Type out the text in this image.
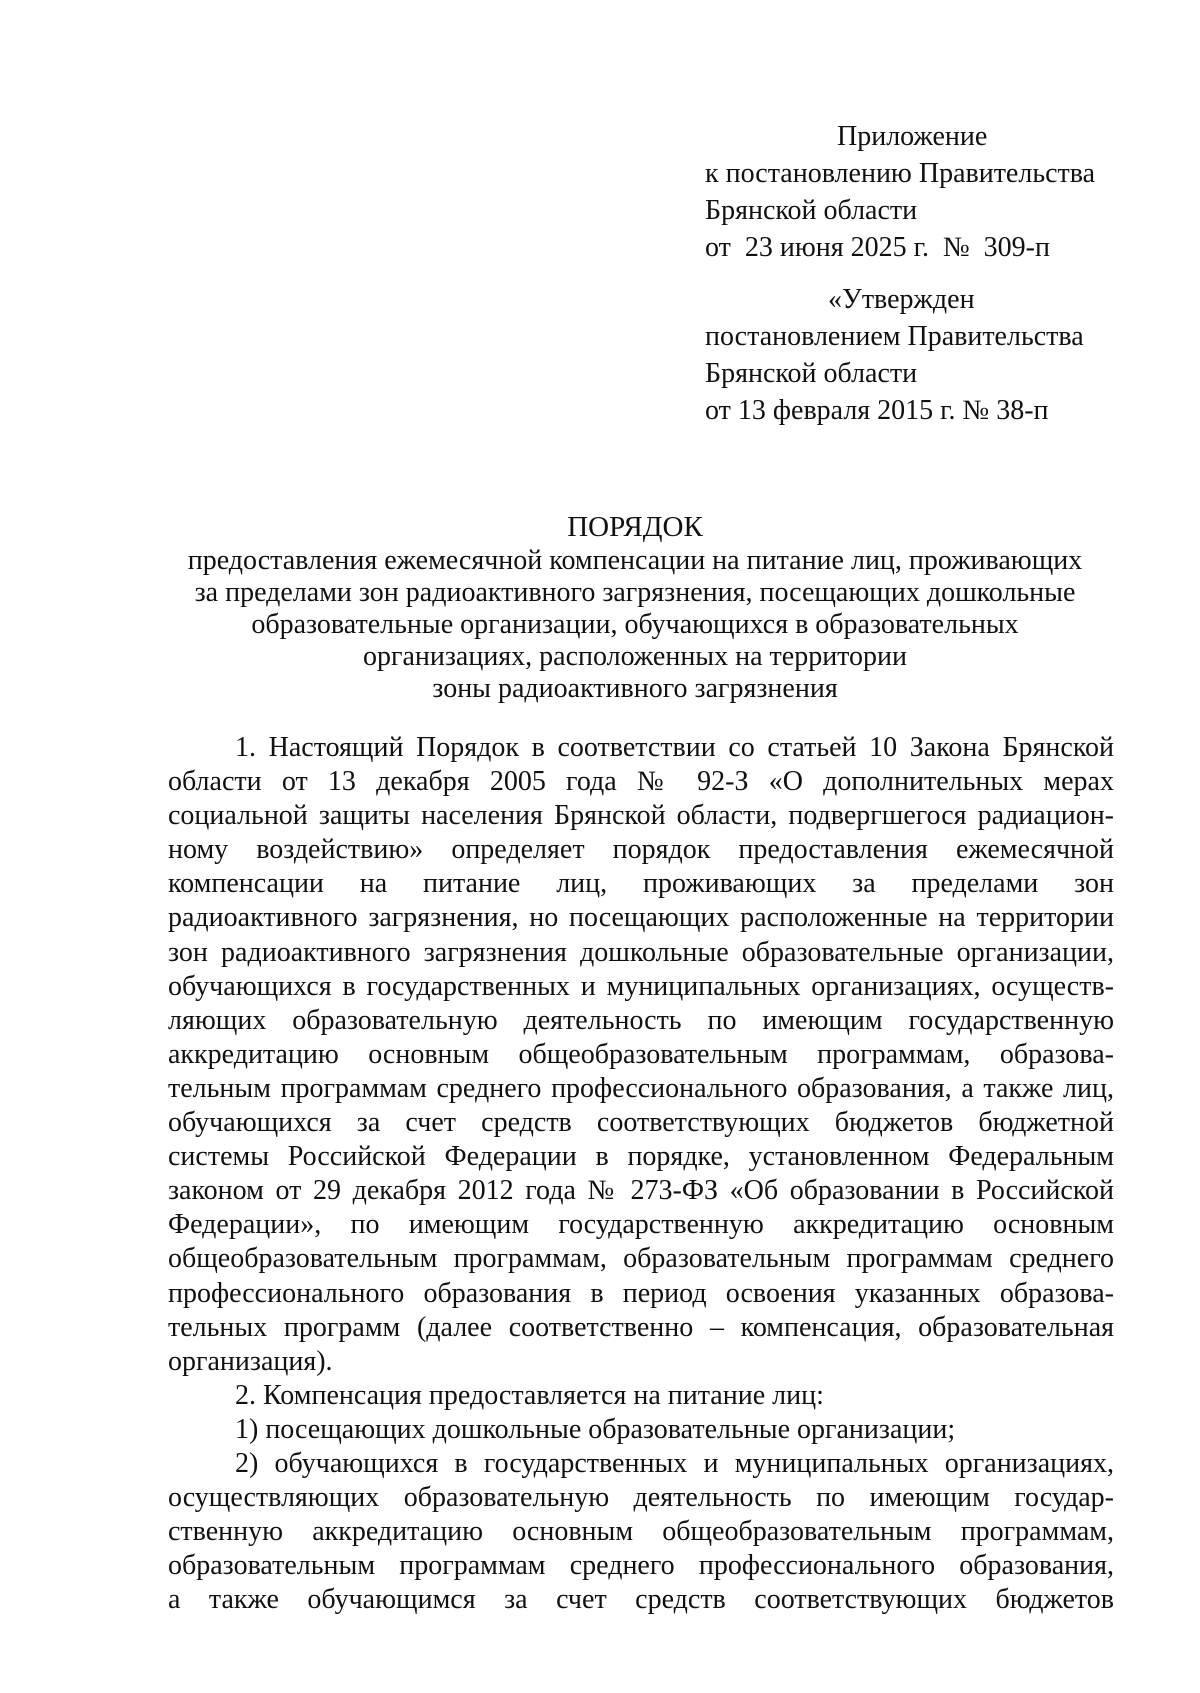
Приложение
к постановлению Правительства
Брянской области
от  23 июня 2025 г.  №  309-п
«Утвержден
постановлением Правительства
Брянской области
от 13 февраля 2015 г. № 38-п
ПОРЯДОК
предоставления ежемесячной компенсации на питание лиц, проживающих
за пределами зон радиоактивного загрязнения, посещающих дошкольные
образовательные организации, обучающихся в образовательных
организациях, расположенных на территории
зоны радиоактивного загрязнения
1. Настоящий Порядок в соответствии со статьей 10 Закона Брянской
области от 13 декабря 2005 года № 92-З «О дополнительных мерах
социальной защиты населения Брянской области, подвергшегося радиацион-
ному воздействию» определяет порядок предоставления ежемесячной
компенсации на питание лиц, проживающих за пределами зон
радиоактивного загрязнения, но посещающих расположенные на территории
зон радиоактивного загрязнения дошкольные образовательные организации,
обучающихся в государственных и муниципальных организациях, осуществ-
ляющих образовательную деятельность по имеющим государственную
аккредитацию основным общеобразовательным программам, образова-
тельным программам среднего профессионального образования, а также лиц,
обучающихся за счет средств соответствующих бюджетов бюджетной
системы Российской Федерации в порядке, установленном Федеральным
законом от 29 декабря 2012 года № 273-ФЗ «Об образовании в Российской
Федерации», по имеющим государственную аккредитацию основным
общеобразовательным программам, образовательным программам среднего
профессионального образования в период освоения указанных образова-
тельных программ (далее соответственно – компенсация, образовательная
организация).
2. Компенсация предоставляется на питание лиц:
1) посещающих дошкольные образовательные организации;
2) обучающихся в государственных и муниципальных организациях,
осуществляющих образовательную деятельность по имеющим государ-
ственную аккредитацию основным общеобразовательным программам,
образовательным программам среднего профессионального образования,
а также обучающимся за счет средств соответствующих бюджетов
